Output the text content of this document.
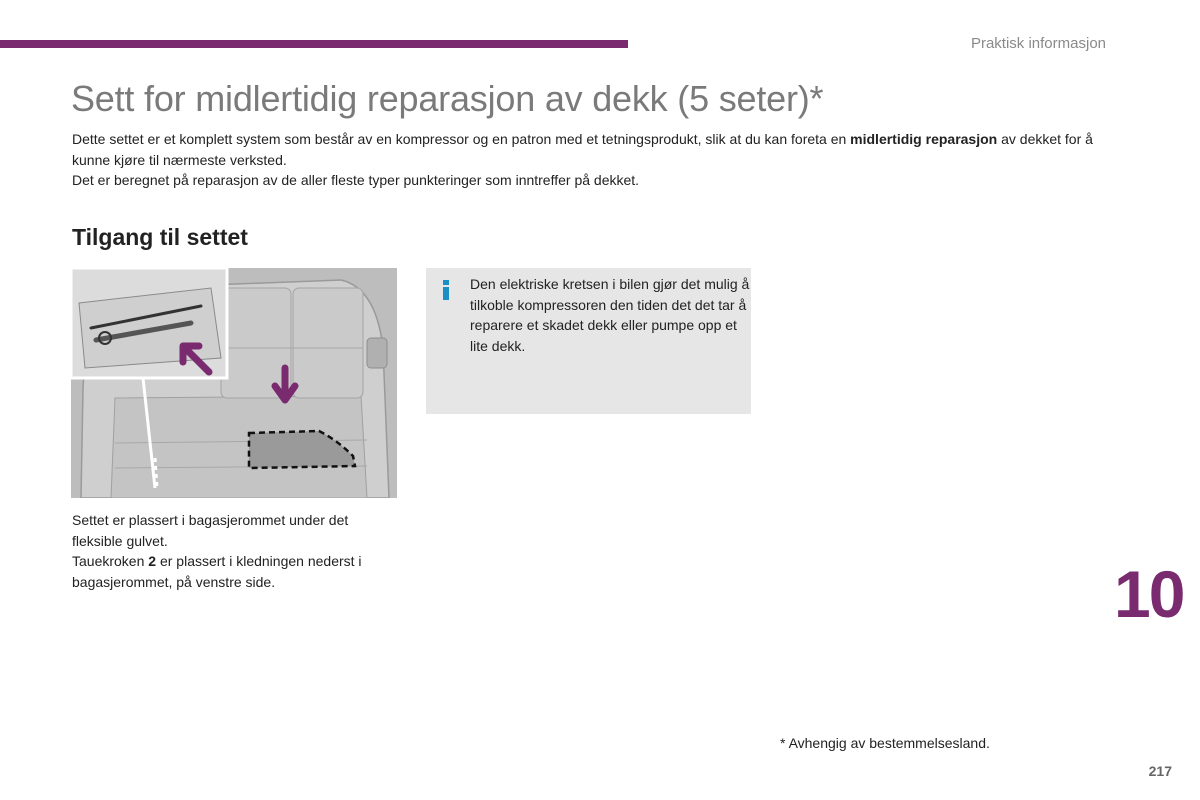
Praktisk informasjon
Sett for midlertidig reparasjon av dekk (5 seter)*

Dette settet er et komplett system som består av en kompressor og en patron med et tetningsprodukt, slik at du kan foreta en midlertidig reparasjon av dekket for å kunne kjøre til nærmeste verksted.

Det er beregnet på reparasjon av de aller fleste typer punkteringer som inntreffer på dekket.

Tilgang til settet

Settet er plassert i bagasjerommet under det fleksible gulvet.

Tauekroken 2 er plassert i kledningen nederst i bagasjerommet, på venstre side.

Den elektriske kretsen i bilen gjør det mulig å tilkoble kompressoren den tiden det det tar å reparere et skadet dekk eller pumpe opp et lite dekk.
10
* Avhengig av bestemmelsesland.
217
